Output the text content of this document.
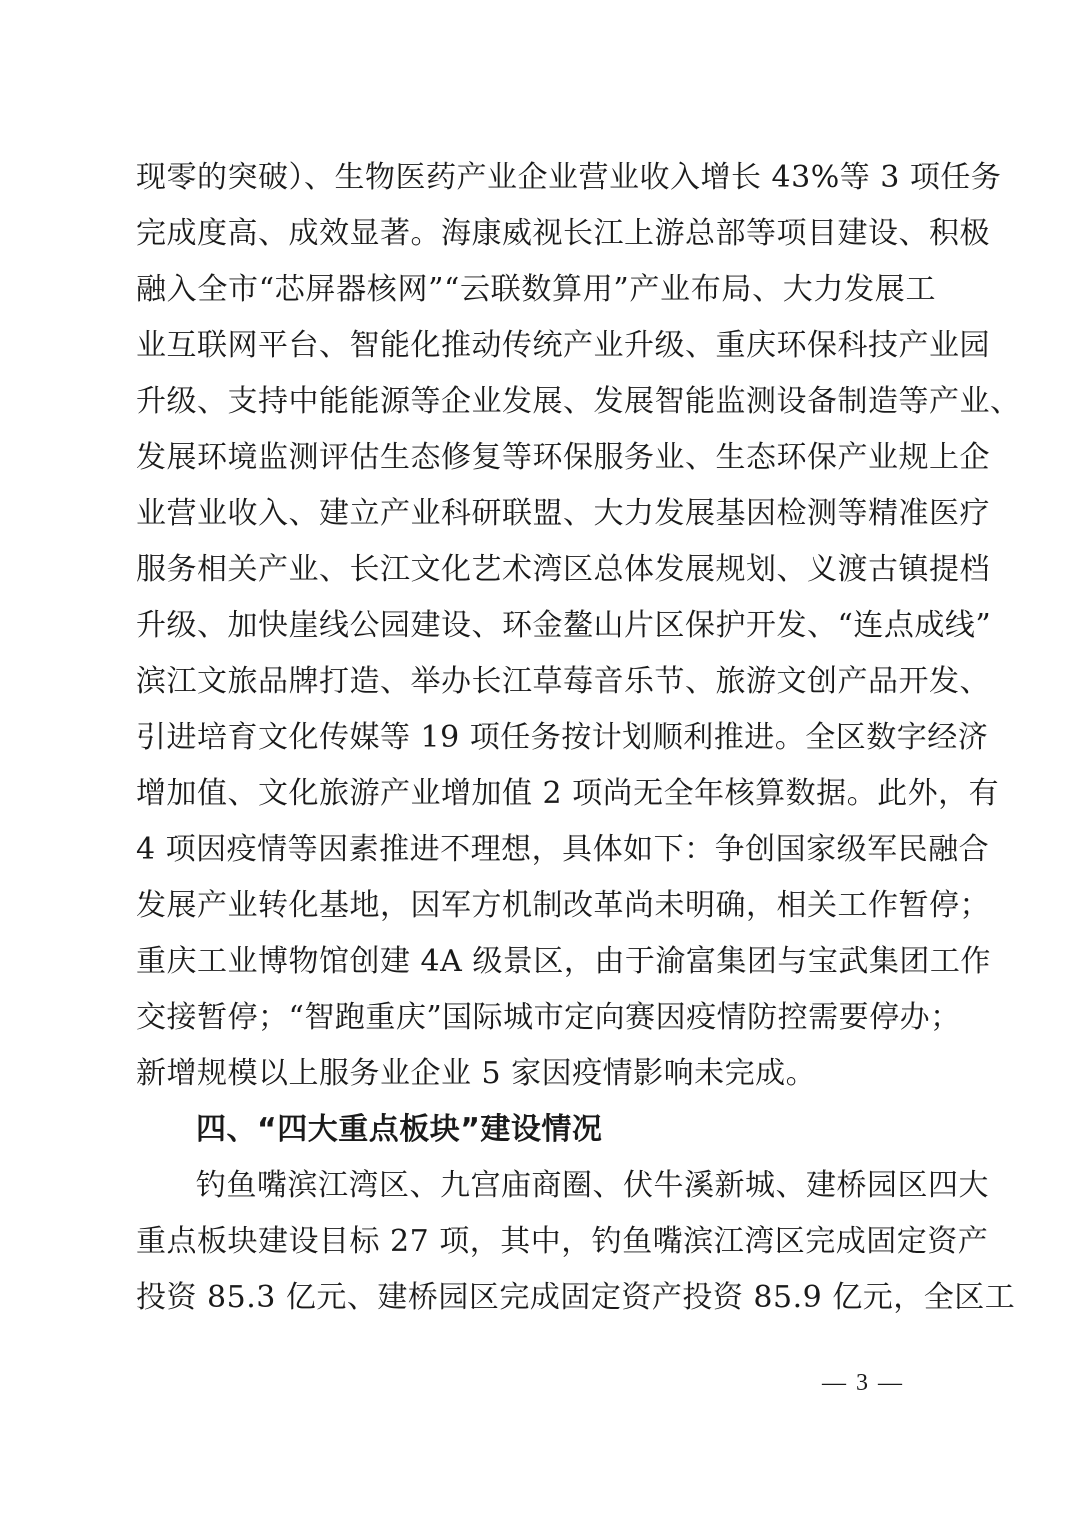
现零的突破）、生物医药产业企业营业收入增长 43%等 3 项任务
完成度高、成效显著。海康威视长江上游总部等项目建设、积极
融入全市“芯屏器核网”“云联数算用”产业布局、大力发展工
业互联网平台、智能化推动传统产业升级、重庆环保科技产业园
升级、支持中能能源等企业发展、发展智能监测设备制造等产业、
发展环境监测评估生态修复等环保服务业、生态环保产业规上企
业营业收入、建立产业科研联盟、大力发展基因检测等精准医疗
服务相关产业、长江文化艺术湾区总体发展规划、义渡古镇提档
升级、加快崖线公园建设、环金鳌山片区保护开发、“连点成线”
滨江文旅品牌打造、举办长江草莓音乐节、旅游文创产品开发、
引进培育文化传媒等 19 项任务按计划顺利推进。全区数字经济
增加值、文化旅游产业增加值 2 项尚无全年核算数据。此外，有
4 项因疫情等因素推进不理想，具体如下：争创国家级军民融合
发展产业转化基地，因军方机制改革尚未明确，相关工作暂停；
重庆工业博物馆创建 4A 级景区，由于渝富集团与宝武集团工作
交接暂停；“智跑重庆”国际城市定向赛因疫情防控需要停办；
新增规模以上服务业企业 5 家因疫情影响未完成。
四、“四大重点板块”建设情况
钓鱼嘴滨江湾区、九宫庙商圈、伏牛溪新城、建桥园区四大
重点板块建设目标 27 项，其中，钓鱼嘴滨江湾区完成固定资产
投资 85.3 亿元、建桥园区完成固定资产投资 85.9 亿元，全区工
— 3 —
